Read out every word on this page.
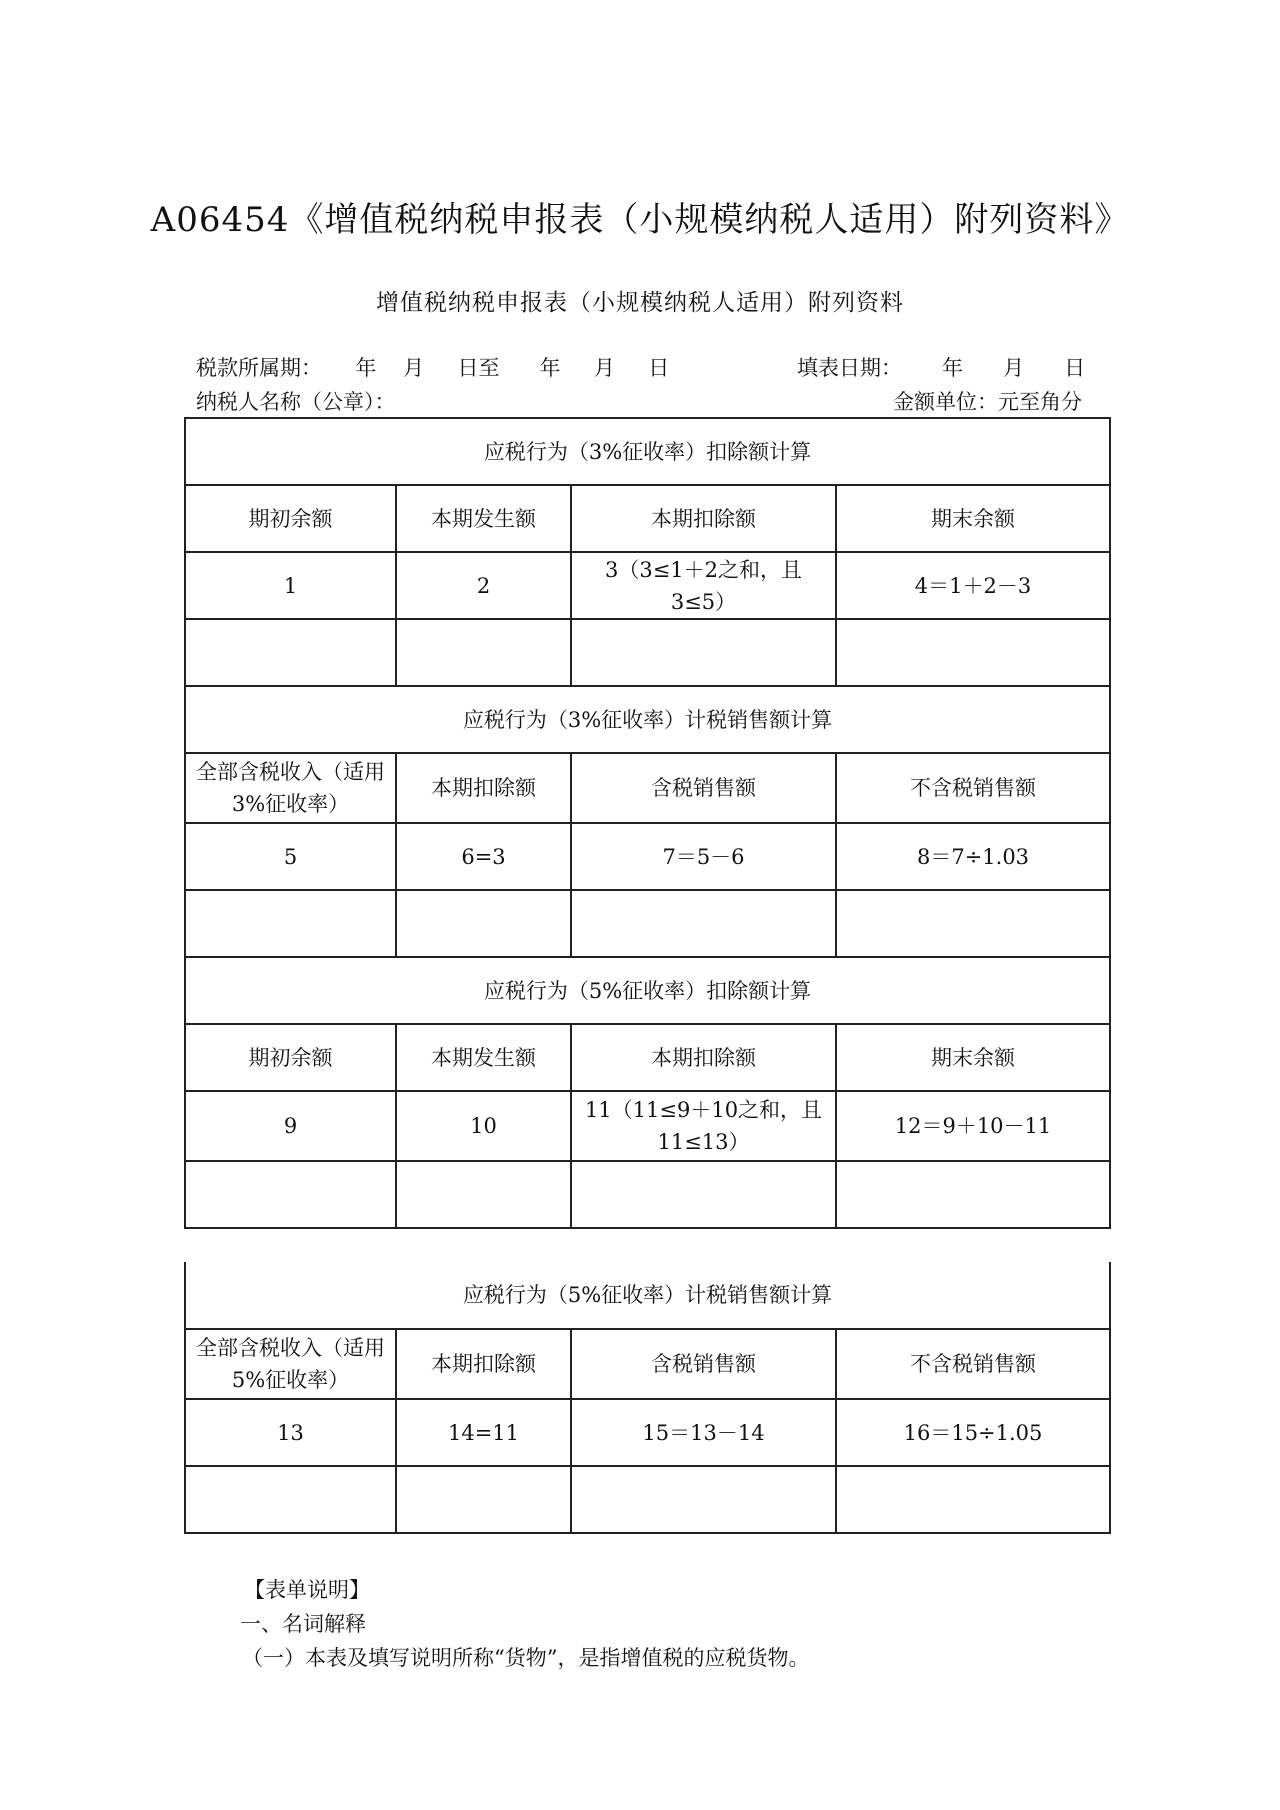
A06454《增值税纳税申报表（小规模纳税人适用）附列资料》
增值税纳税申报表（小规模纳税人适用）附列资料
税款所属期：     年    月     日至      年     月     日	填表日期：      年      月      日
纳税人名称（公章）：	金额单位：元至角分
应税行为（3%征收率）扣除额计算			
期初余额	本期发生额	本期扣除额	期末余额
1	2	3（3≤1＋2之和，且3≤5）	4＝1＋2－3

应税行为（3%征收率）计税销售额计算			
全部含税收入（适用3%征收率）	本期扣除额	含税销售额	不含税销售额
5	6=3	7＝5－6	8＝7÷1.03

应税行为（5%征收率）扣除额计算			
期初余额	本期发生额	本期扣除额	期末余额
9	10	11（11≤9＋10之和，且11≤13）	12＝9＋10－11

应税行为（5%征收率）计税销售额计算			
全部含税收入（适用5%征收率）	本期扣除额	含税销售额	不含税销售额
13	14=11	15＝13－14	16＝15÷1.05

【表单说明】
一、名词解释
（一）本表及填写说明所称“货物”，是指增值税的应税货物。
